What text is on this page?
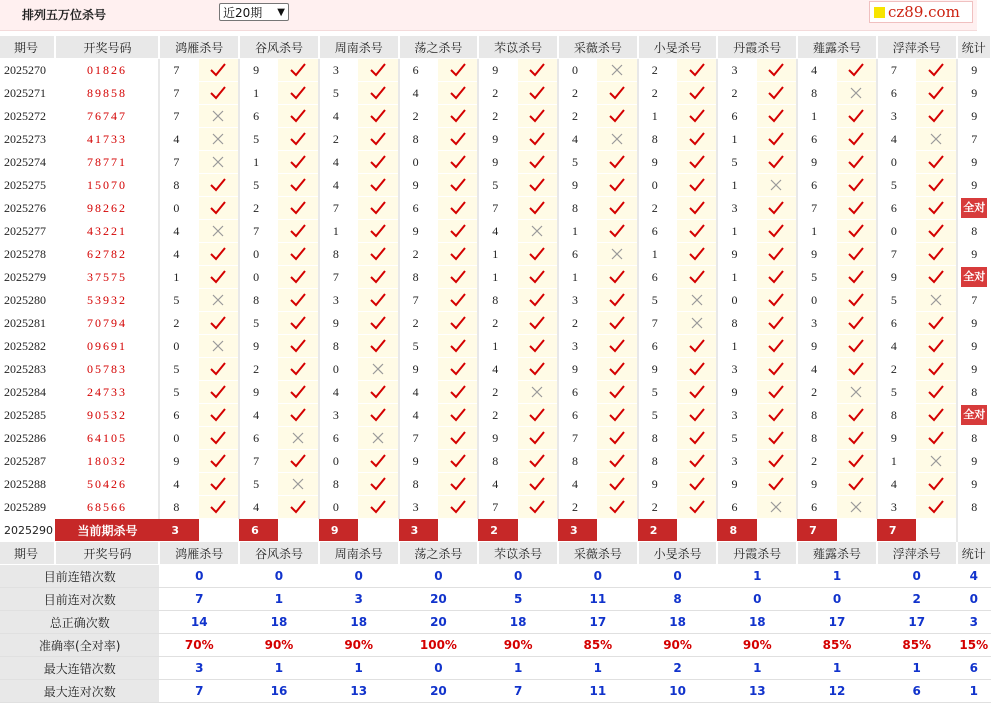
排列五万位杀号	近20期 ▼	cz89.com
期号	开奖号码	鸿雁杀号		谷风杀号		周南杀号		荡之杀号		芣苡杀号		采薇杀号		小旻杀号		丹霞杀号		薤露杀号		浮萍杀号		统计
2025270	01826	7		9		3		6		9		0		2		3		4		7		9
2025271	89858	7		1		5		4		2		2		2		2		8		6		9
2025272	76747	7		6		4		2		2		2		1		6		1		3		9
2025273	41733	4		5		2		8		9		4		8		1		6		4		7
2025274	78771	7		1		4		0		9		5		9		5		9		0		9
2025275	15070	8		5		4		9		5		9		0		1		6		5		9
2025276	98262	0		2		7		6		7		8		2		3		7		6		全对
2025277	43221	4		7		1		9		4		1		6		1		1		0		8
2025278	62782	4		0		8		2		1		6		1		9		9		7		9
2025279	37575	1		0		7		8		1		1		6		1		5		9		全对
2025280	53932	5		8		3		7		8		3		5		0		0		5		7
2025281	70794	2		5		9		2		2		2		7		8		3		6		9
2025282	09691	0		9		8		5		1		3		6		1		9		4		9
2025283	05783	5		2		0		9		4		9		9		3		4		2		9
2025284	24733	5		9		4		4		2		6		5		9		2		5		8
2025285	90532	6		4		3		4		2		6		5		3		8		8		全对
2025286	64105	0		6		6		7		9		7		8		5		8		9		8
2025287	18032	9		7		0		9		8		8		8		3		2		1		9
2025288	50426	4		5		8		8		4		4		9		9		9		4		9
2025289	68566	8		4		0		3		7		2		2		6		6		3		8
2025290	当前期杀号	3		6		9		3		2		3		2		8		7		7		
期号	开奖号码	鸿雁杀号		谷风杀号		周南杀号		荡之杀号		芣苡杀号		采薇杀号		小旻杀号		丹霞杀号		薤露杀号		浮萍杀号		统计
目前连错次数		0		0		0		0		0		0		0		1		1		0		4
目前连对次数		7		1		3		20		5		11		8		0		0		2		0
总正确次数		14		18		18		20		18		17		18		18		17		17		3
准确率(全对率)		70%		90%		90%		100%		90%		85%		90%		90%		85%		85%		15%
最大连错次数		3		1		1		0		1		1		2		1		1		1		6
最大连对次数		7		16		13		20		7		11		10		13		12		6		1
